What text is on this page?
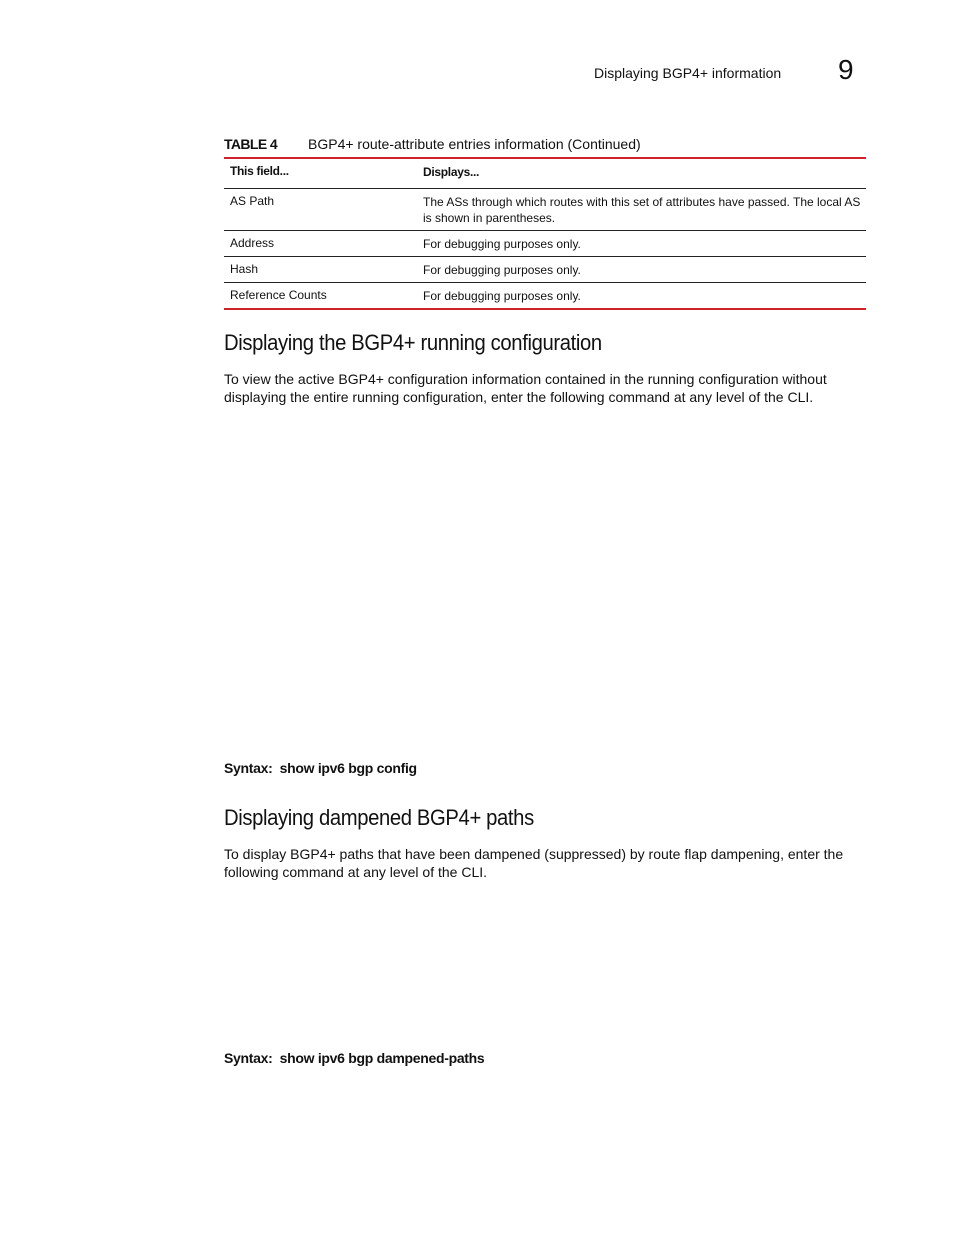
Displaying BGP4+ information 9
TABLE 4 BGP4+ route-attribute entries information (Continued)
This field...	Displays...
AS Path	The ASs through which routes with this set of attributes have passed. The local AS is shown in parentheses.
Address	For debugging purposes only.
Hash	For debugging purposes only.
Reference Counts	For debugging purposes only.
Displaying the BGP4+ running configuration
To view the active BGP4+ configuration information contained in the running configuration without displaying the entire running configuration, enter the following command at any level of the CLI.
Syntax: show ipv6 bgp config
Displaying dampened BGP4+ paths
To display BGP4+ paths that have been dampened (suppressed) by route flap dampening, enter the following command at any level of the CLI.
Syntax: show ipv6 bgp dampened-paths
